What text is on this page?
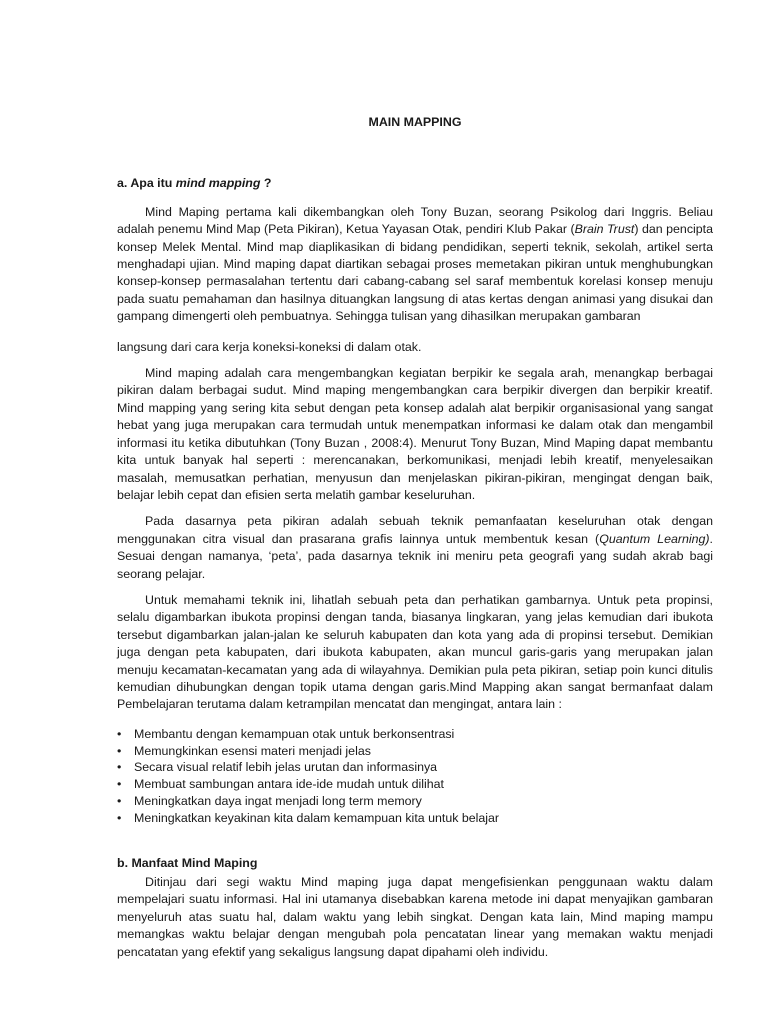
MAIN MAPPING
a. Apa itu mind mapping ?

Mind Maping pertama kali dikembangkan oleh Tony Buzan, seorang Psikolog dari Inggris. Beliau adalah penemu Mind Map (Peta Pikiran), Ketua Yayasan Otak, pendiri Klub Pakar (Brain Trust) dan pencipta konsep Melek Mental. Mind map diaplikasikan di bidang pendidikan, seperti teknik, sekolah, artikel serta menghadapi ujian. Mind maping dapat diartikan sebagai proses memetakan pikiran untuk menghubungkan konsep-konsep permasalahan tertentu dari cabang-cabang sel saraf membentuk korelasi konsep menuju pada suatu pemahaman dan hasilnya dituangkan langsung di atas kertas dengan animasi yang disukai dan gampang dimengerti oleh pembuatnya. Sehingga tulisan yang dihasilkan merupakan gambaran

langsung dari cara kerja koneksi-koneksi di dalam otak.

Mind maping adalah cara mengembangkan kegiatan berpikir ke segala arah, menangkap berbagai pikiran dalam berbagai sudut. Mind maping mengembangkan cara berpikir divergen dan berpikir kreatif. Mind mapping yang sering kita sebut dengan peta konsep adalah alat berpikir organisasional yang sangat hebat yang juga merupakan cara termudah untuk menempatkan informasi ke dalam otak dan mengambil informasi itu ketika dibutuhkan (Tony Buzan , 2008:4). Menurut Tony Buzan, Mind Maping dapat membantu kita untuk banyak hal seperti : merencanakan, berkomunikasi, menjadi lebih kreatif, menyelesaikan masalah, memusatkan perhatian, menyusun dan menjelaskan pikiran-pikiran, mengingat dengan baik, belajar lebih cepat dan efisien serta melatih gambar keseluruhan.

Pada dasarnya peta pikiran adalah sebuah teknik pemanfaatan keseluruhan otak dengan menggunakan citra visual dan prasarana grafis lainnya untuk membentuk kesan (Quantum Learning). Sesuai dengan namanya, ‘peta’, pada dasarnya teknik ini meniru peta geografi yang sudah akrab bagi seorang pelajar.

Untuk memahami teknik ini, lihatlah sebuah peta dan perhatikan gambarnya. Untuk peta propinsi, selalu digambarkan ibukota propinsi dengan tanda, biasanya lingkaran, yang jelas kemudian dari ibukota tersebut digambarkan jalan-jalan ke seluruh kabupaten dan kota yang ada di propinsi tersebut. Demikian juga dengan peta kabupaten, dari ibukota kabupaten, akan muncul garis-garis yang merupakan jalan menuju kecamatan-kecamatan yang ada di wilayahnya. Demikian pula peta pikiran, setiap poin kunci ditulis kemudian dihubungkan dengan topik utama dengan garis.Mind Mapping akan sangat bermanfaat dalam Pembelajaran terutama dalam ketrampilan mencatat dan mengingat, antara lain :

• Membantu dengan kemampuan otak untuk berkonsentrasi
• Memungkinkan esensi materi menjadi jelas
• Secara visual relatif lebih jelas urutan dan informasinya
• Membuat sambungan antara ide-ide mudah untuk dilihat
• Meningkatkan daya ingat menjadi long term memory
• Meningkatkan keyakinan kita dalam kemampuan kita untuk belajar
b. Manfaat Mind Maping

Ditinjau dari segi waktu Mind maping juga dapat mengefisienkan penggunaan waktu dalam mempelajari suatu informasi. Hal ini utamanya disebabkan karena metode ini dapat menyajikan gambaran menyeluruh atas suatu hal, dalam waktu yang lebih singkat. Dengan kata lain, Mind maping mampu memangkas waktu belajar dengan mengubah pola pencatatan linear yang memakan waktu menjadi pencatatan yang efektif yang sekaligus langsung dapat dipahami oleh individu.
